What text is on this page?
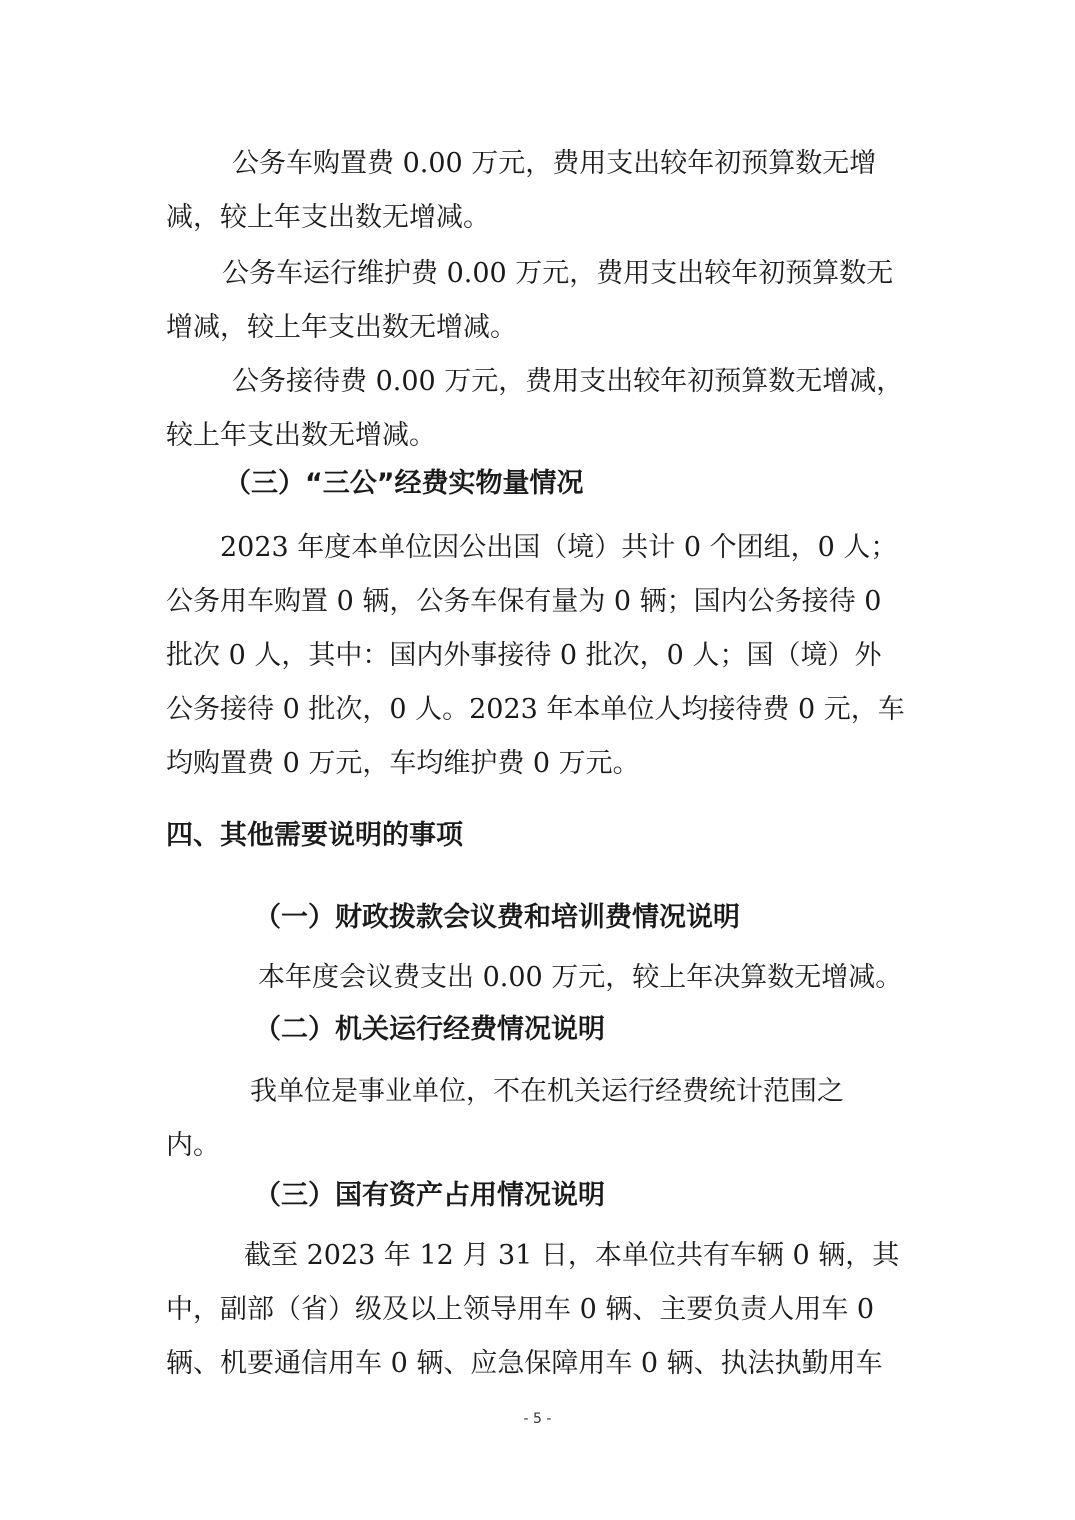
公务车购置费 0.00 万元，费用支出较年初预算数无增
减，较上年支出数无增减。
公务车运行维护费 0.00 万元，费用支出较年初预算数无
增减，较上年支出数无增减。
公务接待费 0.00 万元，费用支出较年初预算数无增减，
较上年支出数无增减。
（三）“三公”经费实物量情况
2023 年度本单位因公出国（境）共计 0 个团组，0 人；
公务用车购置 0 辆，公务车保有量为 0 辆；国内公务接待 0
批次 0 人，其中：国内外事接待 0 批次，0 人；国（境）外
公务接待 0 批次，0 人。2023 年本单位人均接待费 0 元，车
均购置费 0 万元，车均维护费 0 万元。
四、其他需要说明的事项
（一）财政拨款会议费和培训费情况说明
本年度会议费支出 0.00 万元，较上年决算数无增减。
（二）机关运行经费情况说明
我单位是事业单位，不在机关运行经费统计范围之
内。
（三）国有资产占用情况说明
截至 2023 年 12 月 31 日，本单位共有车辆 0 辆，其
中，副部（省）级及以上领导用车 0 辆、主要负责人用车 0
辆、机要通信用车 0 辆、应急保障用车 0 辆、执法执勤用车
- 5 -
